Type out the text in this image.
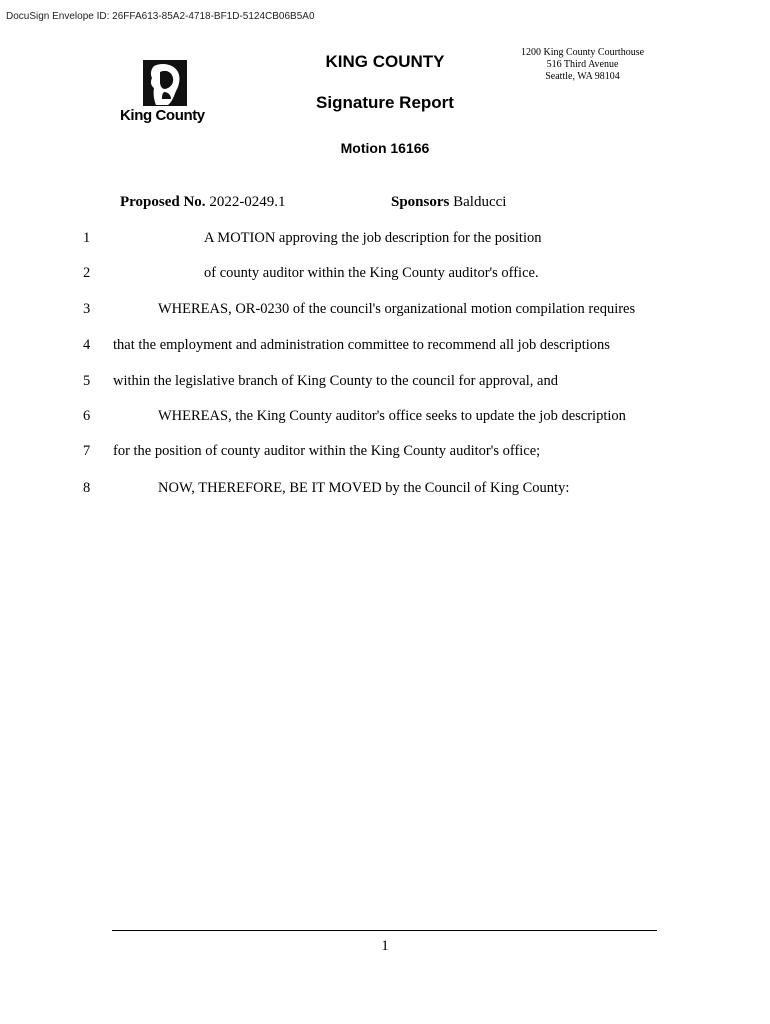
DocuSign Envelope ID: 26FFA613-85A2-4718-BF1D-5124CB06B5A0
King County
KING COUNTY	1200 King County Courthouse
516 Third Avenue
Seattle, WA 98104
Signature Report
Motion 16166
Proposed No. 2022-0249.1	Sponsors Balducci
1	A MOTION approving the job description for the position
2	of county auditor within the King County auditor's office.
3	WHEREAS, OR-0230 of the council's organizational motion compilation requires
4 that the employment and administration committee to recommend all job descriptions
5 within the legislative branch of King County to the council for approval, and
6	WHEREAS, the King County auditor's office seeks to update the job description
7 for the position of county auditor within the King County auditor's office;
8	NOW, THEREFORE, BE IT MOVED by the Council of King County:
1
